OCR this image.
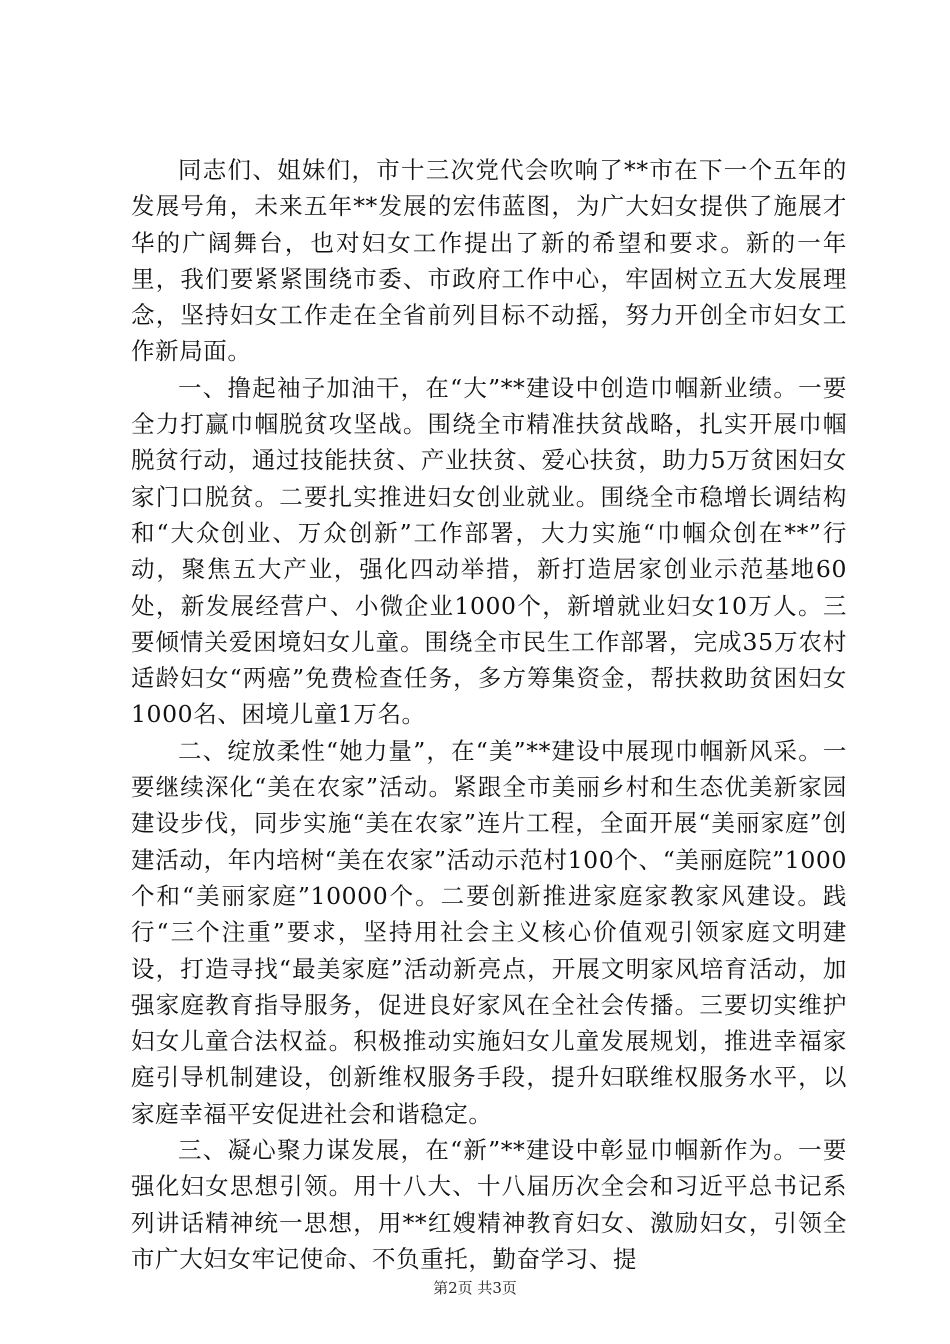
同志们、姐妹们，市十三次党代会吹响了**市在下一个五年的发展号角，未来五年**发展的宏伟蓝图，为广大妇女提供了施展才华的广阔舞台，也对妇女工作提出了新的希望和要求。新的一年里，我们要紧紧围绕市委、市政府工作中心，牢固树立五大发展理念，坚持妇女工作走在全省前列目标不动摇，努力开创全市妇女工作新局面。

一、撸起袖子加油干，在“大”**建设中创造巾帼新业绩。一要全力打赢巾帼脱贫攻坚战。围绕全市精准扶贫战略，扎实开展巾帼脱贫行动，通过技能扶贫、产业扶贫、爱心扶贫，助力5万贫困妇女家门口脱贫。二要扎实推进妇女创业就业。围绕全市稳增长调结构和“大众创业、万众创新”工作部署，大力实施“巾帼众创在**”行动，聚焦五大产业，强化四动举措，新打造居家创业示范基地60处，新发展经营户、小微企业1000个，新增就业妇女10万人。三要倾情关爱困境妇女儿童。围绕全市民生工作部署，完成35万农村适龄妇女“两癌”免费检查任务，多方筹集资金，帮扶救助贫困妇女1000名、困境儿童1万名。

二、绽放柔性“她力量”，在“美”**建设中展现巾帼新风采。一要继续深化“美在农家”活动。紧跟全市美丽乡村和生态优美新家园建设步伐，同步实施“美在农家”连片工程，全面开展“美丽家庭”创建活动，年内培树“美在农家”活动示范村100个、“美丽庭院”1000个和“美丽家庭”10000个。二要创新推进家庭家教家风建设。践行“三个注重”要求，坚持用社会主义核心价值观引领家庭文明建设，打造寻找“最美家庭”活动新亮点，开展文明家风培育活动，加强家庭教育指导服务，促进良好家风在全社会传播。三要切实维护妇女儿童合法权益。积极推动实施妇女儿童发展规划，推进幸福家庭引导机制建设，创新维权服务手段，提升妇联维权服务水平，以家庭幸福平安促进社会和谐稳定。

三、凝心聚力谋发展，在“新”**建设中彰显巾帼新作为。一要强化妇女思想引领。用十八大、十八届历次全会和习近平总书记系列讲话精神统一思想，用**红嫂精神教育妇女、激励妇女，引领全市广大妇女牢记使命、不负重托，勤奋学习、提

第2页 共3页
